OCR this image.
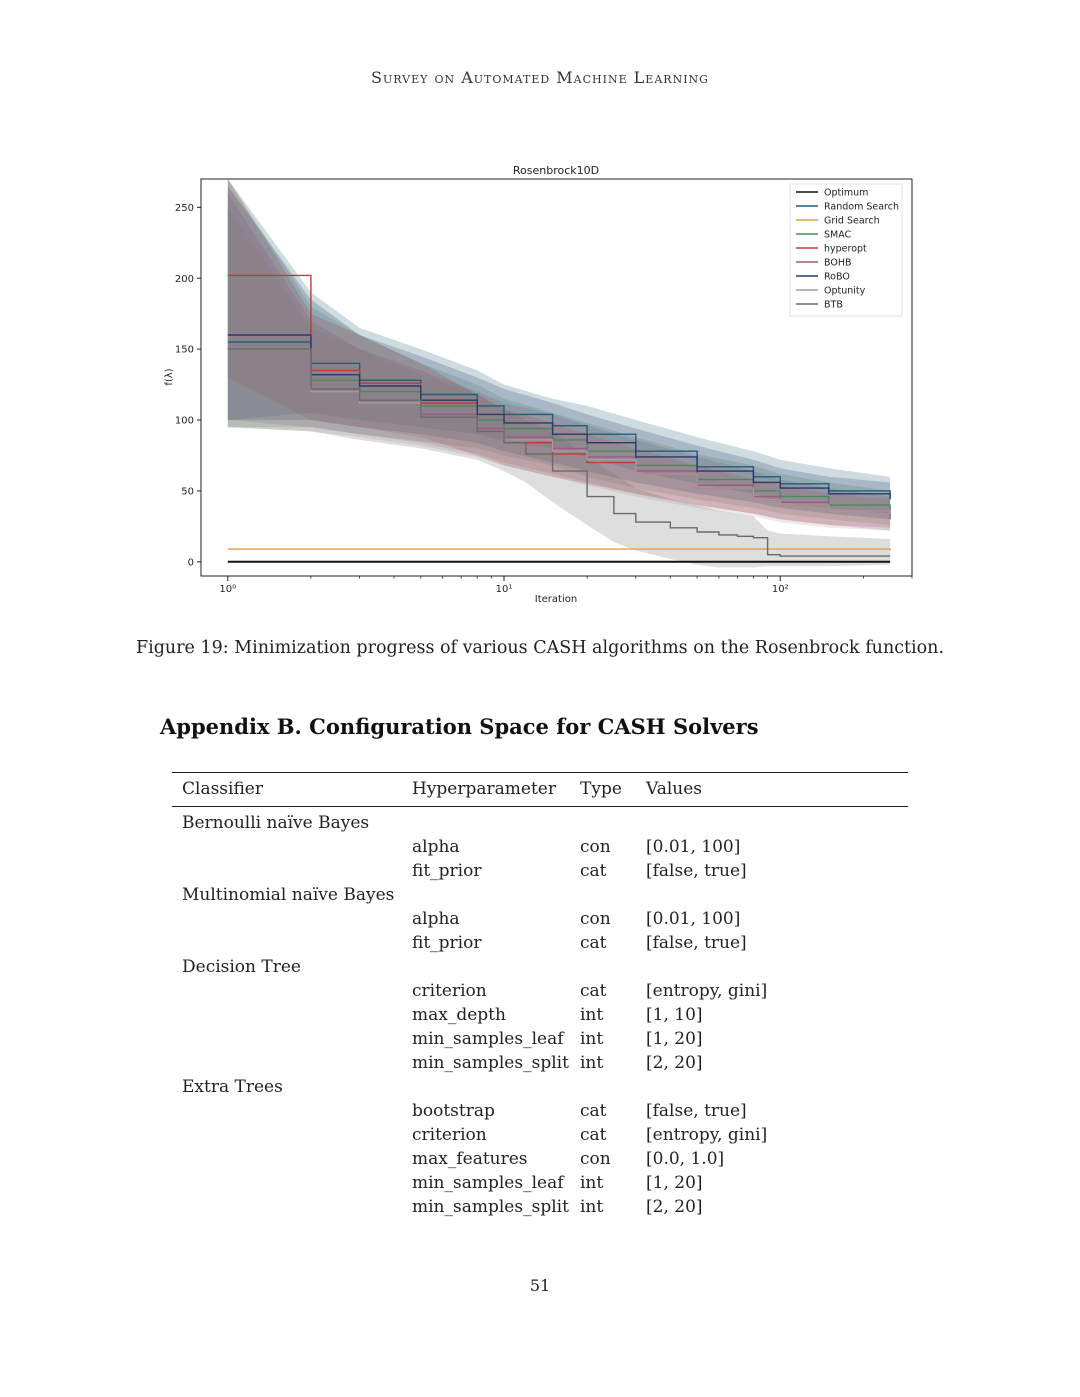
Survey on Automated Machine Learning
0
50
100
150
200
250
10⁰	10¹	10²
Rosenbrock10D
Iteration
f(λ)
Optimum
Random Search
Grid Search
SMAC
hyperopt
BOHB
RoBO
Optunity
BTB
Figure 19: Minimization progress of various CASH algorithms on the Rosenbrock function.
Appendix B. Configuration Space for CASH Solvers
Classifier	Hyperparameter Type Values
Bernoulli naïve Bayes
alpha	con [0.01, 100]
fit_prior	cat [false, true]
Multinomial naïve Bayes
alpha	con [0.01, 100]
fit_prior	cat [false, true]
Decision Tree
criterion	cat [entropy, gini]
max_depth	int	[1, 10]
min_samples_leaf int	[1, 20]
min_samples_split int	[2, 20]
Extra Trees
bootstrap	cat [false, true]
criterion	cat [entropy, gini]
max_features	con [0.0, 1.0]
min_samples_leaf int	[1, 20]
min_samples_split int	[2, 20]
51
